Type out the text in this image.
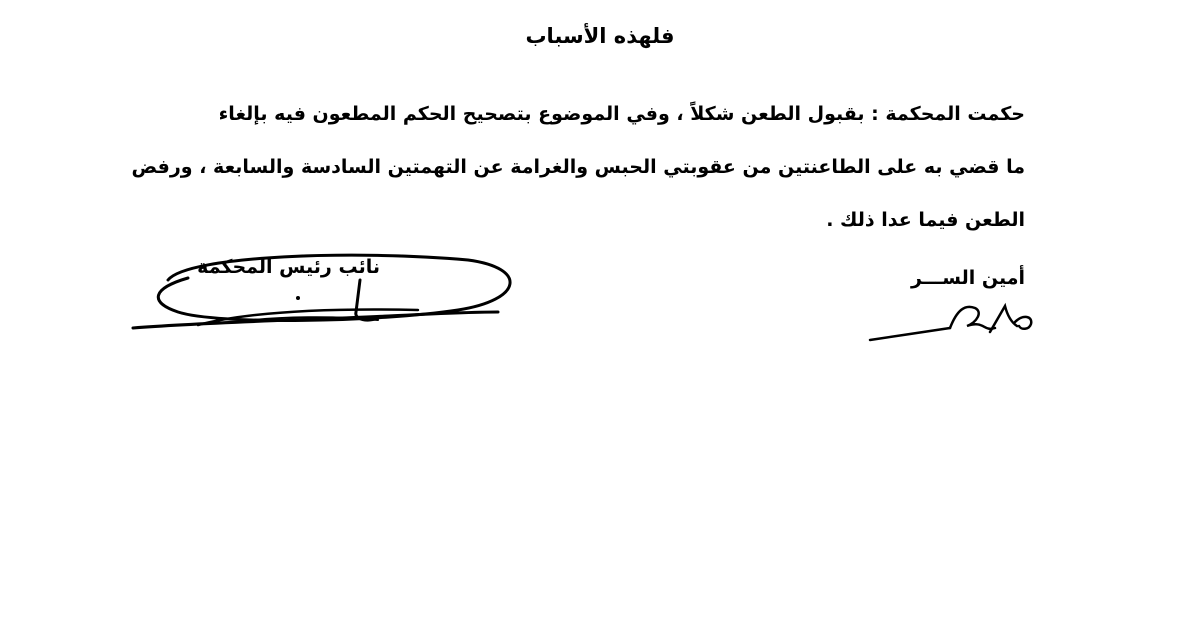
فلهذه الأسباب
حكمت المحكمة : بقبول الطعن شكلاً ، وفي الموضوع بتصحيح الحكم المطعون فيه بإلغاء
ما قضي به على الطاعنتين من عقوبتي الحبس والغرامة عن التهمتين السادسة والسابعة ، ورفض
الطعن فيما عدا ذلك .
أمين الســـر
نائب رئيس المحكمة
